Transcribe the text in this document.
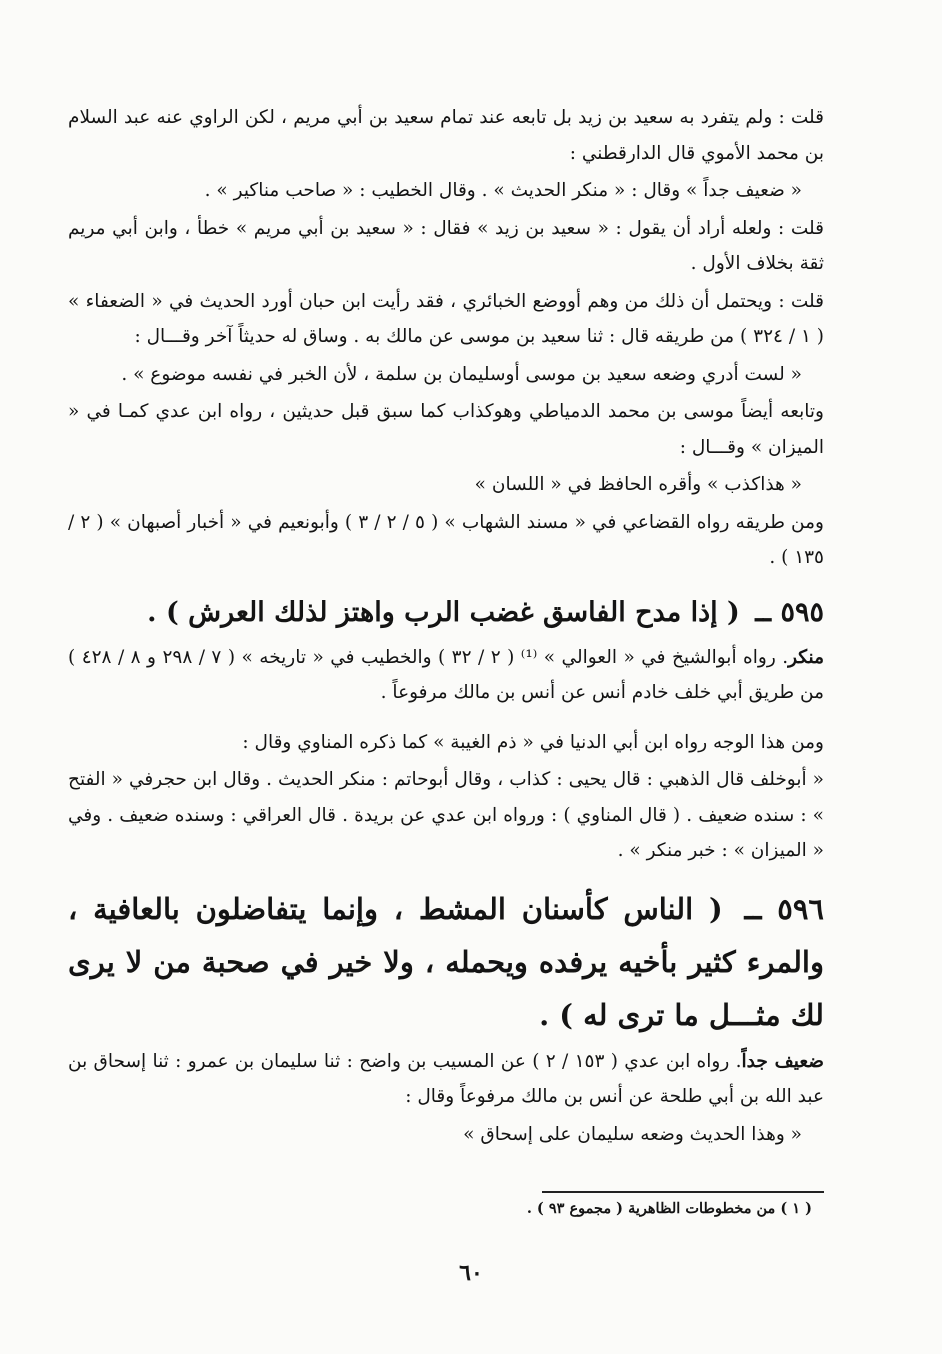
قلت : ولم يتفرد به سعيد بن زيد بل تابعه عند تمام سعيد بن أبي مريم ، لكن الراوي عنه عبد السلام بن محمد الأموي قال الدارقطني :

« ضعيف جداً » وقال : « منكر الحديث » . وقال الخطيب : « صاحب مناكير » .

قلت : ولعله أراد أن يقول : « سعيد بن زيد » فقال : « سعيد بن أبي مريم » خطأ ، وابن أبي مريم ثقة بخلاف الأول .

قلت : ويحتمل أن ذلك من وهم أووضع الخبائري ، فقد رأيت ابن حبان أورد الحديث في « الضعفاء » ( ١ / ٣٢٤ ) من طريقه قال : ثنا سعيد بن موسى عن مالك به . وساق له حديثاً آخر وقـــال :

« لست أدري وضعه سعيد بن موسى أوسليمان بن سلمة ، لأن الخبر في نفسه موضوع » .

وتابعه أيضاً موسى بن محمد الدمياطي وهوكذاب كما سبق قبل حديثين ، رواه ابن عدي كمـا في « الميزان » وقـــال :

« هذاكذب » وأقره الحافظ في « اللسان »

ومن طريقه رواه القضاعي في « مسند الشهاب » ( ٥ / ٢ / ٣ ) وأبونعيم في « أخبار أصبهان » ( ٢ / ١٣٥ ) .

٥٩٥ ــ ( إذا مدح الفاسق غضب الرب واهتز لذلك العرش ) .

منكر. رواه أبوالشيخ في « العوالي » ⁽¹⁾ ( ٢ / ٣٢ ) والخطيب في « تاريخه » ( ٧ / ٢٩٨ و ٨ / ٤٢٨ ) من طريق أبي خلف خادم أنس عن أنس بن مالك مرفوعاً .

ومن هذا الوجه رواه ابن أبي الدنيا في « ذم الغيبة » كما ذكره المناوي وقال :

« أبوخلف قال الذهبي : قال يحيى : كذاب ، وقال أبوحاتم : منكر الحديث . وقال ابن حجرفي « الفتح » : سنده ضعيف . ( قال المناوي ) : ورواه ابن عدي عن بريدة . قال العراقي : وسنده ضعيف . وفي « الميزان » : خبر منكر » .

٥٩٦ ــ ( الناس كأسنان المشط ، وإنما يتفاضلون بالعافية ، والمرء كثير بأخيه يرفده ويحمله ، ولا خير في صحبة من لا يرى لك مثـــل ما ترى له ) .

ضعيف جداً. رواه ابن عدي ( ١٥٣ / ٢ ) عن المسيب بن واضح : ثنا سليمان بن عمرو : ثنا إسحاق بن عبد الله بن أبي طلحة عن أنس بن مالك مرفوعاً وقال :

« وهذا الحديث وضعه سليمان على إسحاق »

( ١ ) من مخطوطات الظاهرية ( مجموع ٩٣ ) .
٦٠
